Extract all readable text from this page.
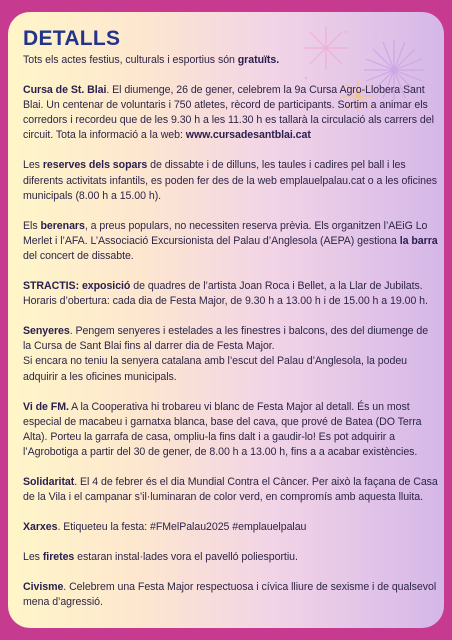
DETALLS

Tots els actes festius, culturals i esportius són gratuïts.

Cursa de St. Blai. El diumenge, 26 de gener, celebrem la 9a Cursa Agro-Llobera Sant Blai. Un centenar de voluntaris i 750 atletes, rècord de participants. Sortim a animar els corredors i recordeu que de les 9.30 h a les 11.30 h es tallarà la circulació als carrers del circuit. Tota la informació a la web: www.cursadesantblai.cat

Les reserves dels sopars de dissabte i de dilluns, les taules i cadires pel ball i les diferents activitats infantils, es poden fer des de la web emplauelpalau.cat o a les oficines municipals (8.00 h a 15.00 h).

Els berenars, a preus populars, no necessiten reserva prèvia. Els organitzen l’AEiG Lo Merlet i l’AFA. L’Associació Excursionista del Palau d’Anglesola (AEPA) gestiona la barra del concert de dissabte.

STRACTIS: exposició de quadres de l’artista Joan Roca i Bellet, a la Llar de Jubilats. Horaris d’obertura: cada dia de Festa Major, de 9.30 h a 13.00 h i de 15.00 h a 19.00 h.

Senyeres. Pengem senyeres i estelades a les finestres i balcons, des del diumenge de la Cursa de Sant Blai fins al darrer dia de Festa Major.
Si encara no teniu la senyera catalana amb l’escut del Palau d’Anglesola, la podeu adquirir a les oficines municipals.

Vi de FM. A la Cooperativa hi trobareu vi blanc de Festa Major al detall. És un most especial de macabeu i garnatxa blanca, base del cava, que prové de Batea (DO Terra Alta). Porteu la garrafa de casa, ompliu-la fins dalt i a gaudir-lo! Es pot adquirir a l’Agrobotiga a partir del 30 de gener, de 8.00 h a 13.00 h, fins a a acabar existències.

Solidaritat. El 4 de febrer és el dia Mundial Contra el Càncer. Per això la façana de Casa de la Vila i el campanar s’il·luminaran de color verd, en compromís amb aquesta lluita.

Xarxes. Etiqueteu la festa: #FMelPalau2025 #emplauelpalau

Les firetes estaran instal·lades vora el pavelló poliesportiu.

Civisme. Celebrem una Festa Major respectuosa i cívica lliure de sexisme i de qualsevol mena d’agressió.
